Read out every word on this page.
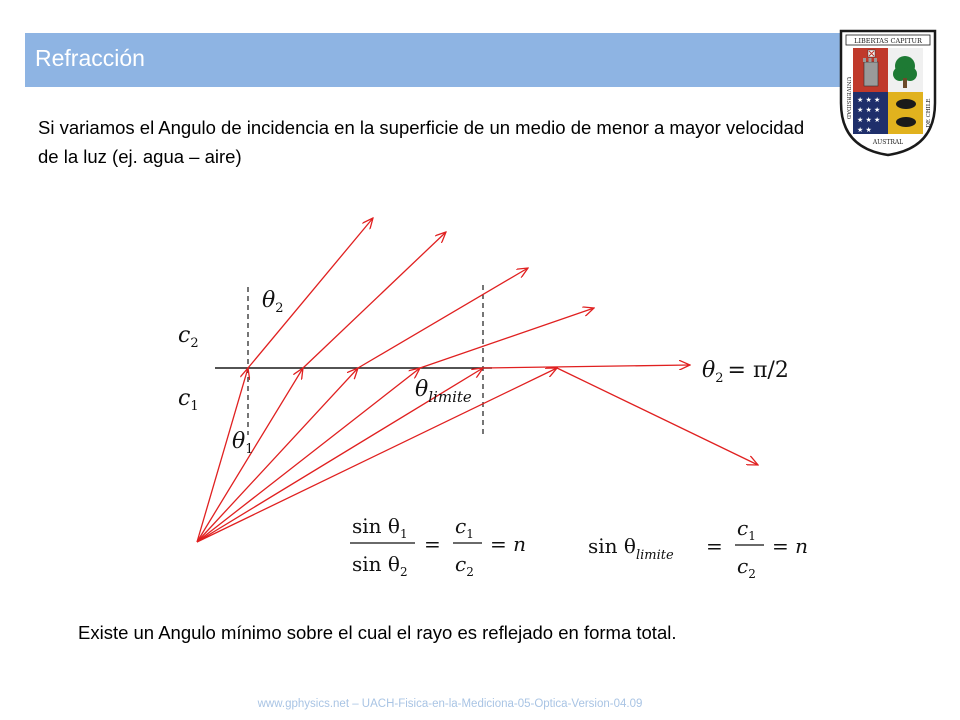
Refracción
LIBERTAS CAPITUR
★ ★ ★
★ ★ ★
★ ★ ★
★ ★
UNIVERSIDAD
AUSTRAL
DE CHILE
Si variamos el Angulo de incidencia en la superficie de un medio de menor a mayor velocidad de la luz (ej. agua – aire)
$c_2$
$c_1$
$\theta_2$
$\theta_1$
$\theta_{limite}$
$\theta_2 = \pi/2$
$\sin \theta_1$
$\sin \theta_2$
=
$c_1$
$c_2$
= n	$\sin \theta_{limite}$ =
$c_1$
$c_2$
= n
Existe un Angulo mínimo sobre el cual el rayo es reflejado en forma total.
www.gphysics.net – UACH-Fisica-en-la-Mediciona-05-Optica-Version-04.09
